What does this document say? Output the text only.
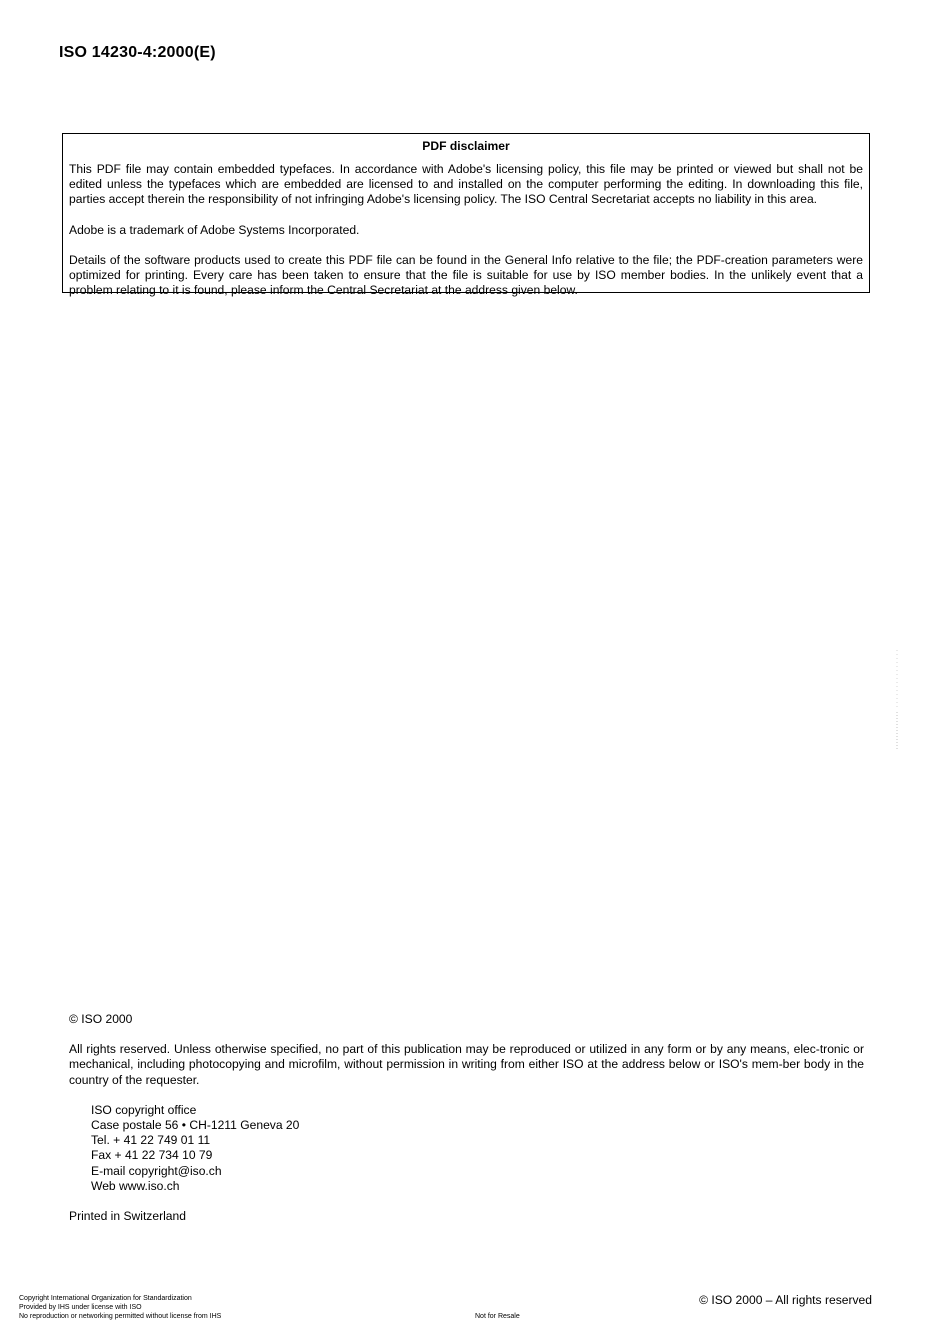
ISO 14230-4:2000(E)
PDF disclaimer

This PDF file may contain embedded typefaces. In accordance with Adobe's licensing policy, this file may be printed or viewed but shall not be edited unless the typefaces which are embedded are licensed to and installed on the computer performing the editing. In downloading this file, parties accept therein the responsibility of not infringing Adobe's licensing policy. The ISO Central Secretariat accepts no liability in this area.

Adobe is a trademark of Adobe Systems Incorporated.

Details of the software products used to create this PDF file can be found in the General Info relative to the file; the PDF-creation parameters were optimized for printing. Every care has been taken to ensure that the file is suitable for use by ISO member bodies. In the unlikely event that a problem relating to it is found, please inform the Central Secretariat at the address given below.

© ISO 2000

All rights reserved. Unless otherwise specified, no part of this publication may be reproduced or utilized in any form or by any means, elec-tronic or mechanical, including photocopying and microfilm, without permission in writing from either ISO at the address below or ISO's mem-ber body in the country of the requester.

ISO copyright office
Case postale 56 • CH-1211 Geneva 20
Tel. + 41 22 749 01 11
Fax + 41 22 734 10 79
E-mail copyright@iso.ch
Web www.iso.ch

Printed in Switzerland

Copyright International Organization for Standardization
Provided by IHS under license with ISO
No reproduction or networking permitted without license from IHS	Not for Resale
© ISO 2000 – All rights reserved
